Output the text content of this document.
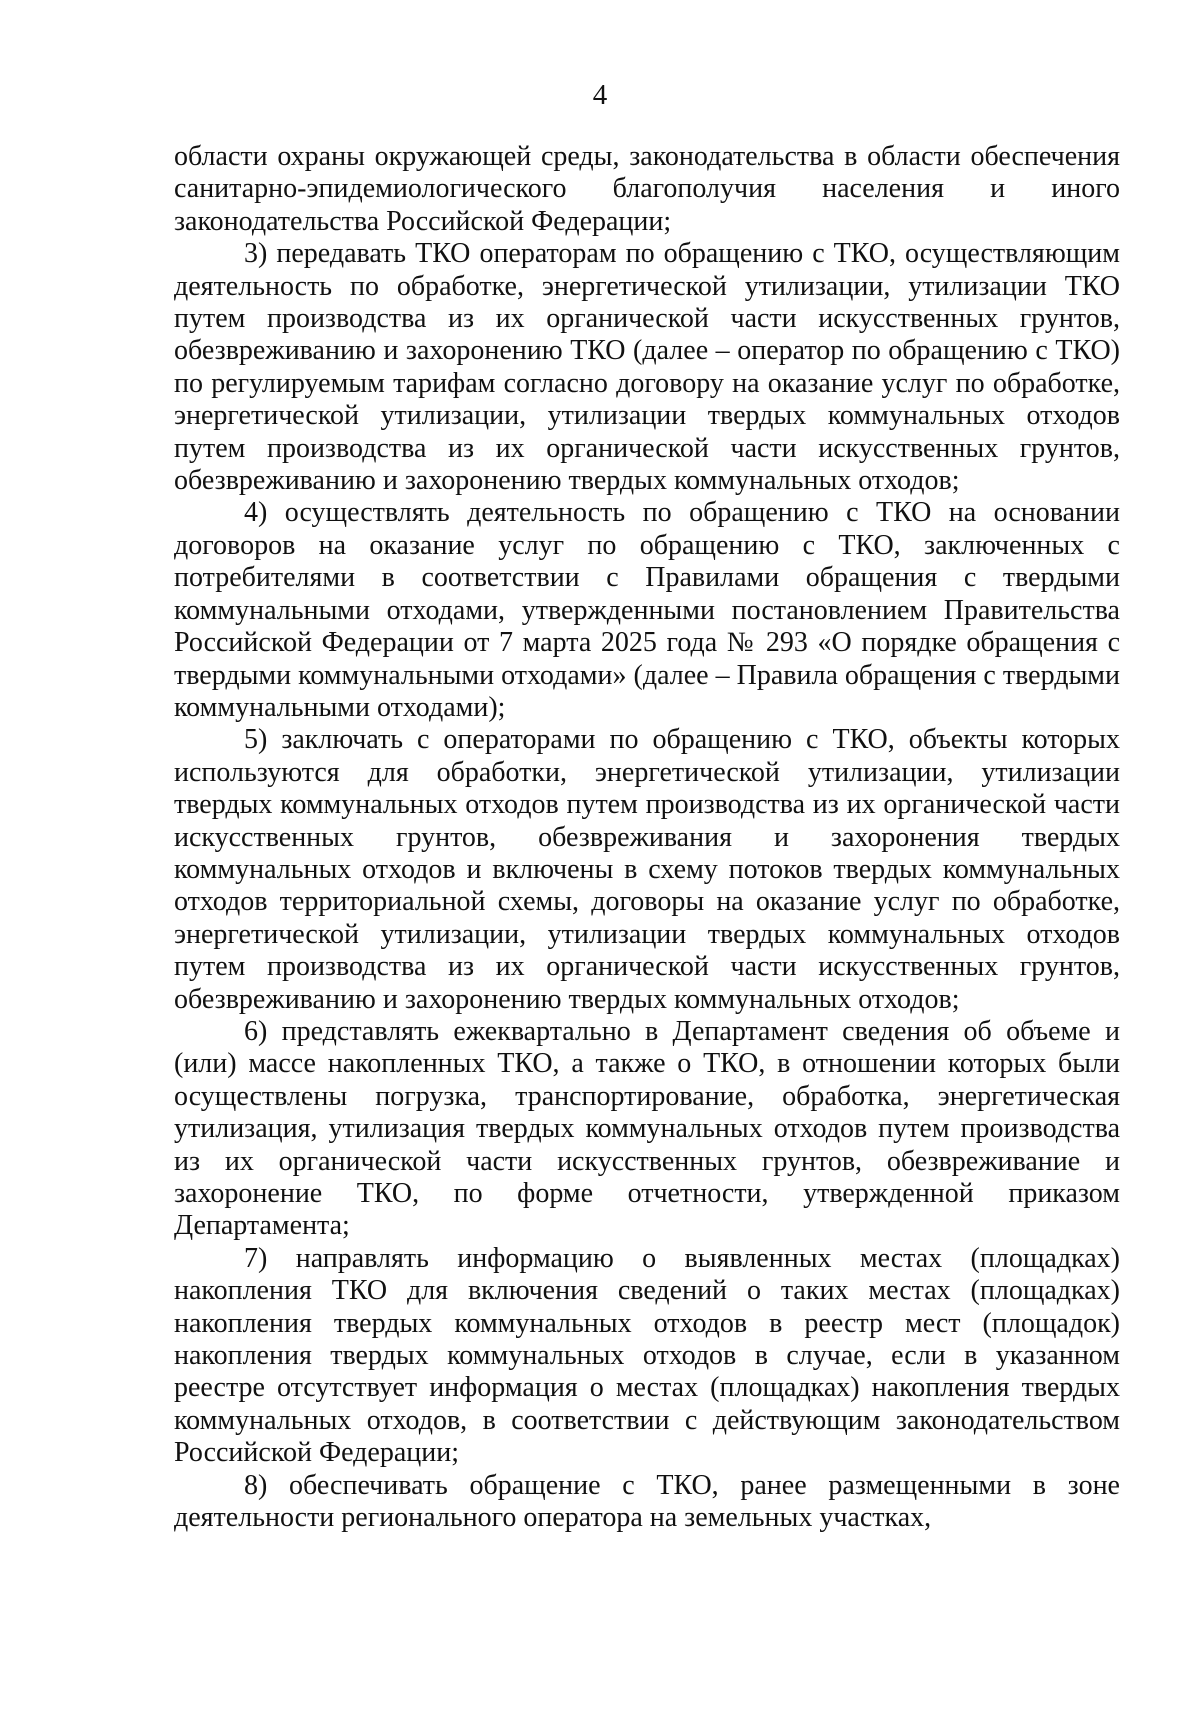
4

области охраны окружающей среды, законодательства в области обеспечения санитарно-эпидемиологического благополучия населения и иного законодательства Российской Федерации;

3) передавать ТКО операторам по обращению с ТКО, осуществляющим деятельность по обработке, энергетической утилизации, утилизации ТКО путем производства из их органической части искусственных грунтов, обезвреживанию и захоронению ТКО (далее – оператор по обращению с ТКО) по регулируемым тарифам согласно договору на оказание услуг по обработке, энергетической утилизации, утилизации твердых коммунальных отходов путем производства из их органической части искусственных грунтов, обезвреживанию и захоронению твердых коммунальных отходов;

4) осуществлять деятельность по обращению с ТКО на основании договоров на оказание услуг по обращению с ТКО, заключенных с потребителями в соответствии с Правилами обращения с твердыми коммунальными отходами, утвержденными постановлением Правительства Российской Федерации от 7 марта 2025 года № 293 «О порядке обращения с твердыми коммунальными отходами» (далее – Правила обращения с твердыми коммунальными отходами);

5) заключать с операторами по обращению с ТКО, объекты которых используются для обработки, энергетической утилизации, утилизации твердых коммунальных отходов путем производства из их органической части искусственных грунтов, обезвреживания и захоронения твердых коммунальных отходов и включены в схему потоков твердых коммунальных отходов территориальной схемы, договоры на оказание услуг по обработке, энергетической утилизации, утилизации твердых коммунальных отходов путем производства из их органической части искусственных грунтов, обезвреживанию и захоронению твердых коммунальных отходов;

6) представлять ежеквартально в Департамент сведения об объеме и (или) массе накопленных ТКО, а также о ТКО, в отношении которых были осуществлены погрузка, транспортирование, обработка, энергетическая утилизация, утилизация твердых коммунальных отходов путем производства из их органической части искусственных грунтов, обезвреживание и захоронение ТКО, по форме отчетности, утвержденной приказом Департамента;

7) направлять информацию о выявленных местах (площадках) накопления ТКО для включения сведений о таких местах (площадках) накопления твердых коммунальных отходов в реестр мест (площадок) накопления твердых коммунальных отходов в случае, если в указанном реестре отсутствует информация о местах (площадках) накопления твердых коммунальных отходов, в соответствии с действующим законодательством Российской Федерации;

8) обеспечивать обращение с ТКО, ранее размещенными в зоне деятельности регионального оператора на земельных участках,
